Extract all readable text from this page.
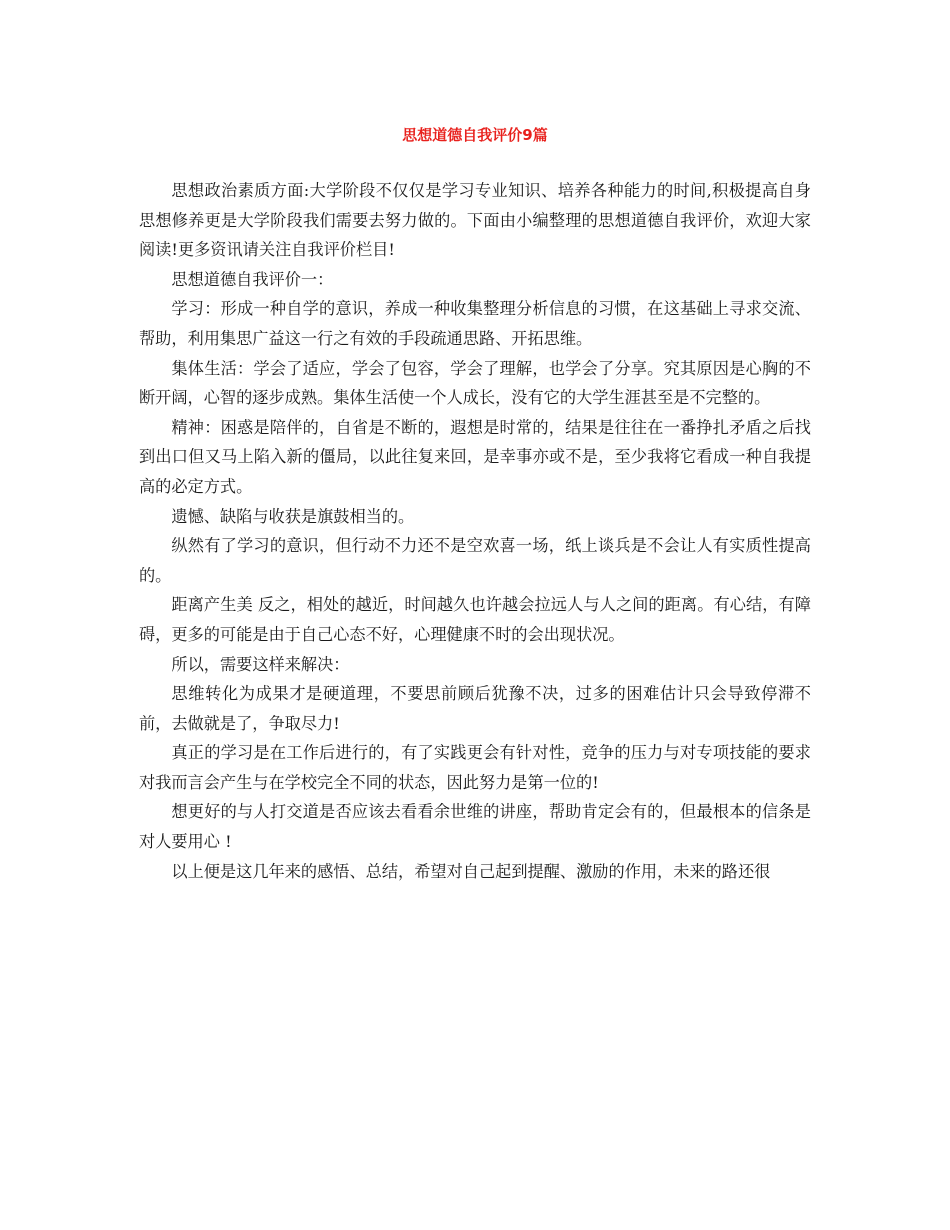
思想道德自我评价9篇

思想政治素质方面:大学阶段不仅仅是学习专业知识、培养各种能力的时间,积极提高自身思想修养更是大学阶段我们需要去努力做的。下面由小编整理的思想道德自我评价，欢迎大家阅读!更多资讯请关注自我评价栏目!

思想道德自我评价一：

学习：形成一种自学的意识，养成一种收集整理分析信息的习惯，在这基础上寻求交流、帮助，利用集思广益这一行之有效的手段疏通思路、开拓思维。

集体生活：学会了适应，学会了包容，学会了理解，也学会了分享。究其原因是心胸的不断开阔，心智的逐步成熟。集体生活使一个人成长，没有它的大学生涯甚至是不完整的。

精神：困惑是陪伴的，自省是不断的，遐想是时常的，结果是往往在一番挣扎矛盾之后找到出口但又马上陷入新的僵局，以此往复来回，是幸事亦或不是，至少我将它看成一种自我提高的必定方式。

遗憾、缺陷与收获是旗鼓相当的。

纵然有了学习的意识，但行动不力还不是空欢喜一场，纸上谈兵是不会让人有实质性提高的。

距离产生美 反之，相处的越近，时间越久也许越会拉远人与人之间的距离。有心结，有障碍，更多的可能是由于自己心态不好，心理健康不时的会出现状况。

所以，需要这样来解决：

思维转化为成果才是硬道理，不要思前顾后犹豫不决，过多的困难估计只会导致停滞不前，去做就是了，争取尽力!

真正的学习是在工作后进行的，有了实践更会有针对性，竞争的压力与对专项技能的要求对我而言会产生与在学校完全不同的状态，因此努力是第一位的!

想更好的与人打交道是否应该去看看余世维的讲座，帮助肯定会有的，但最根本的信条是 对人要用心 !

以上便是这几年来的感悟、总结，希望对自己起到提醒、激励的作用，未来的路还很
